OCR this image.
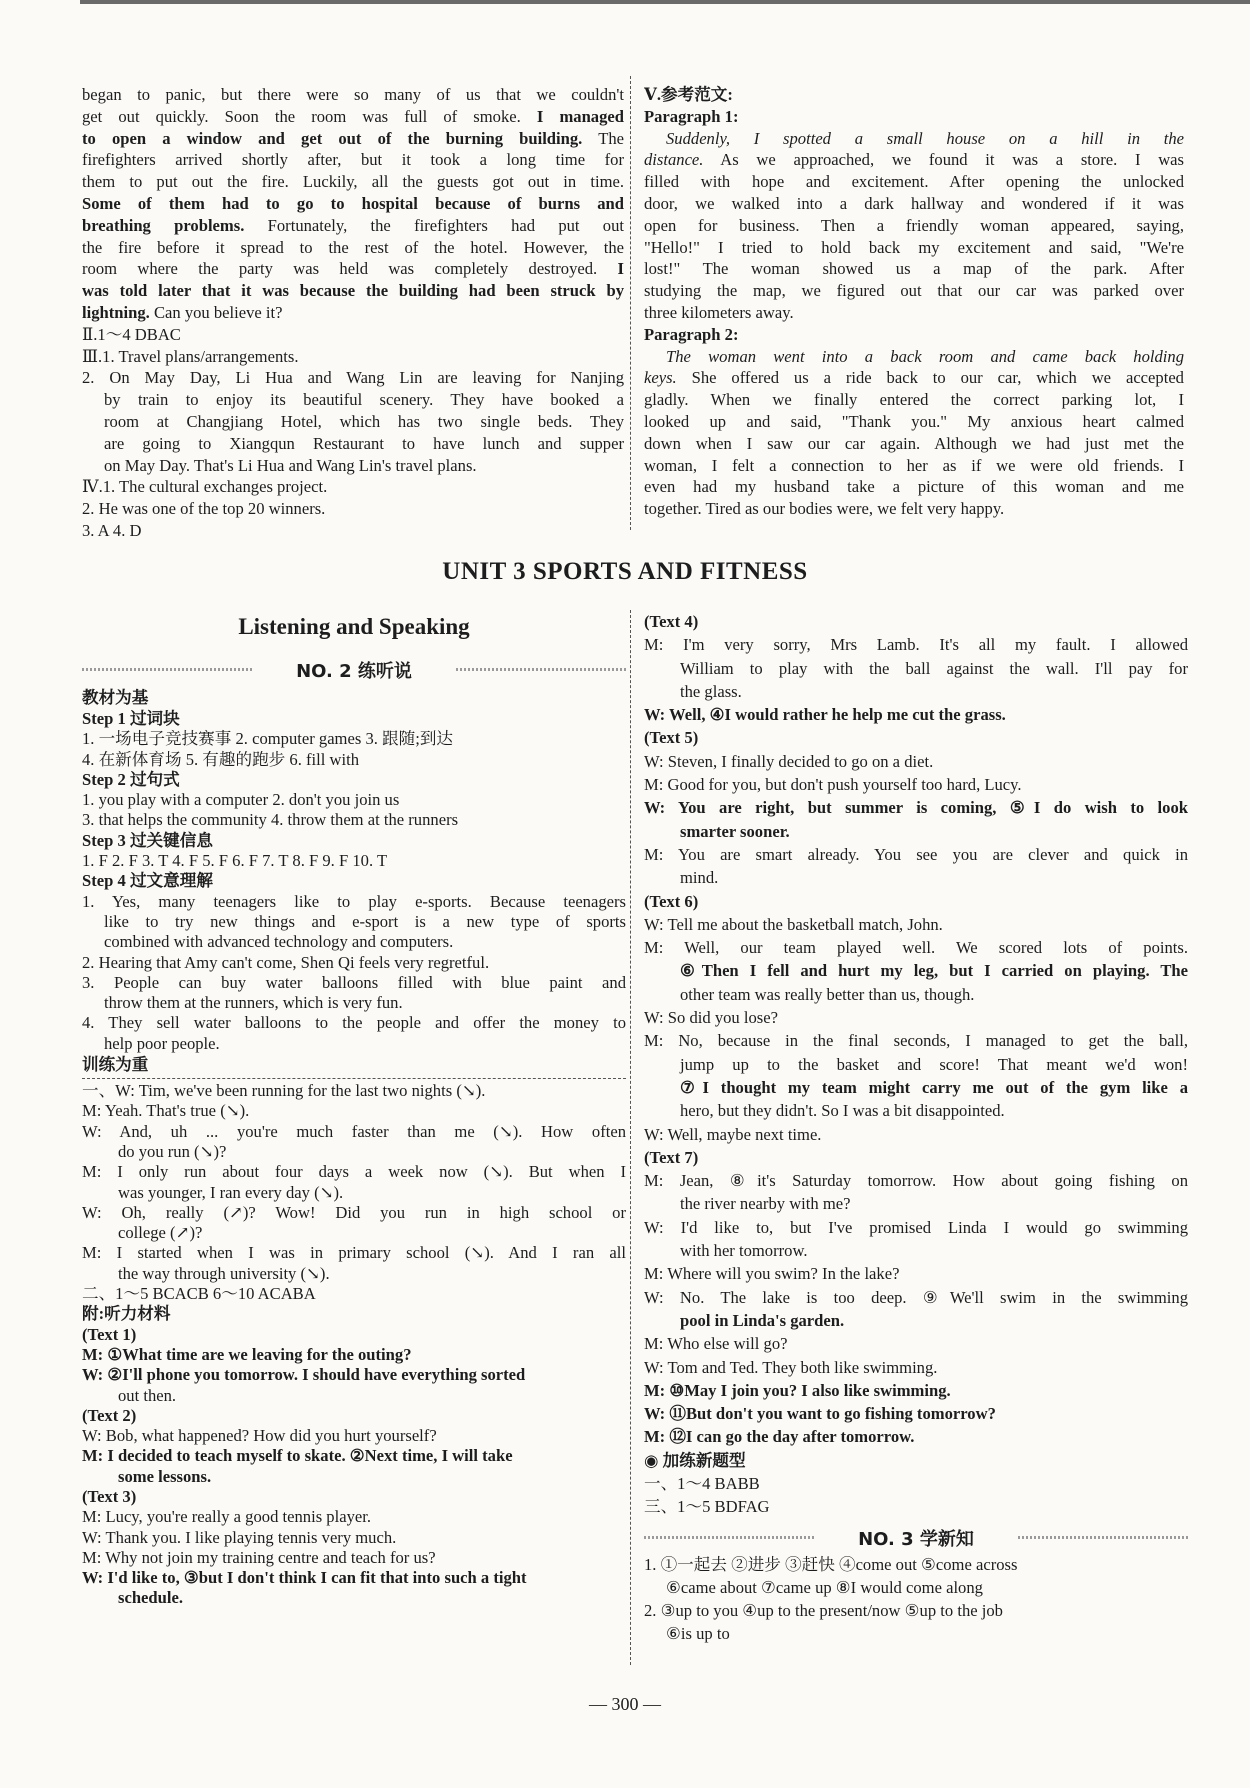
began to panic, but there were so many of us that we couldn't
get out quickly. Soon the room was full of smoke. I managed
to open a window and get out of the burning building. The
firefighters arrived shortly after, but it took a long time for
them to put out the fire. Luckily, all the guests got out in time.
Some of them had to go to hospital because of burns and
breathing problems. Fortunately, the firefighters had put out
the fire before it spread to the rest of the hotel. However, the
room where the party was held was completely destroyed. I
was told later that it was because the building had been struck by
lightning. Can you believe it?
Ⅱ.1～4 DBAC
Ⅲ.1. Travel plans/arrangements.
2. On May Day, Li Hua and Wang Lin are leaving for Nanjing
by train to enjoy its beautiful scenery. They have booked a
room at Changjiang Hotel, which has two single beds. They
are going to Xiangqun Restaurant to have lunch and supper
on May Day. That's Li Hua and Wang Lin's travel plans.
Ⅳ.1. The cultural exchanges project.
2. He was one of the top 20 winners.
3. A 4. D
Ⅴ.参考范文:
Paragraph 1:
Suddenly, I spotted a small house on a hill in the
distance. As we approached, we found it was a store. I was
filled with hope and excitement. After opening the unlocked
door, we walked into a dark hallway and wondered if it was
open for business. Then a friendly woman appeared, saying,
"Hello!" I tried to hold back my excitement and said, "We're
lost!" The woman showed us a map of the park. After
studying the map, we figured out that our car was parked over
three kilometers away.
Paragraph 2:
The woman went into a back room and came back holding
keys. She offered us a ride back to our car, which we accepted
gladly. When we finally entered the correct parking lot, I
looked up and said, "Thank you." My anxious heart calmed
down when I saw our car again. Although we had just met the
woman, I felt a connection to her as if we were old friends. I
even had my husband take a picture of this woman and me
together. Tired as our bodies were, we felt very happy.
UNIT 3 SPORTS AND FITNESS
Listening and Speaking
NO. 2 练听说
教材为基
Step 1 过词块
1. 一场电子竞技赛事 2. computer games 3. 跟随;到达
4. 在新体育场 5. 有趣的跑步 6. fill with
Step 2 过句式
1. you play with a computer 2. don't you join us
3. that helps the community 4. throw them at the runners
Step 3 过关键信息
1. F 2. F 3. T 4. F 5. F 6. F 7. T 8. F 9. F 10. T
Step 4 过文意理解
1. Yes, many teenagers like to play e-sports. Because teenagers
like to try new things and e-sport is a new type of sports
combined with advanced technology and computers.
2. Hearing that Amy can't come, Shen Qi feels very regretful.
3. People can buy water balloons filled with blue paint and
throw them at the runners, which is very fun.
4. They sell water balloons to the people and offer the money to
help poor people.
训练为重
一、W: Tim, we've been running for the last two nights (↘).
M: Yeah. That's true (↘).
W: And, uh ... you're much faster than me (↘). How often
do you run (↘)?
M: I only run about four days a week now (↘). But when I
was younger, I ran every day (↘).
W: Oh, really (↗)? Wow! Did you run in high school or
college (↗)?
M: I started when I was in primary school (↘). And I ran all
the way through university (↘).
二、1～5 BCACB 6～10 ACABA
附:听力材料
(Text 1)
M: ①What time are we leaving for the outing?
W: ②I'll phone you tomorrow. I should have everything sorted
out then.
(Text 2)
W: Bob, what happened? How did you hurt yourself?
M: I decided to teach myself to skate. ②Next time, I will take
some lessons.
(Text 3)
M: Lucy, you're really a good tennis player.
W: Thank you. I like playing tennis very much.
M: Why not join my training centre and teach for us?
W: I'd like to, ③but I don't think I can fit that into such a tight
schedule.
(Text 4)
M: I'm very sorry, Mrs Lamb. It's all my fault. I allowed
William to play with the ball against the wall. I'll pay for
the glass.
W: Well, ④I would rather he help me cut the grass.
(Text 5)
W: Steven, I finally decided to go on a diet.
M: Good for you, but don't push yourself too hard, Lucy.
W: You are right, but summer is coming, ⑤I do wish to look
smarter sooner.
M: You are smart already. You see you are clever and quick in
mind.
(Text 6)
W: Tell me about the basketball match, John.
M: Well, our team played well. We scored lots of points.
⑥Then I fell and hurt my leg, but I carried on playing. The
other team was really better than us, though.
W: So did you lose?
M: No, because in the final seconds, I managed to get the ball,
jump up to the basket and score! That meant we'd won!
⑦I thought my team might carry me out of the gym like a
hero, but they didn't. So I was a bit disappointed.
W: Well, maybe next time.
(Text 7)
M: Jean, ⑧it's Saturday tomorrow. How about going fishing on
the river nearby with me?
W: I'd like to, but I've promised Linda I would go swimming
with her tomorrow.
M: Where will you swim? In the lake?
W: No. The lake is too deep. ⑨We'll swim in the swimming
pool in Linda's garden.
M: Who else will go?
W: Tom and Ted. They both like swimming.
M: ⑩May I join you? I also like swimming.
W: ⑪But don't you want to go fishing tomorrow?
M: ⑫I can go the day after tomorrow.
◉ 加练新题型
一、1～4 BABB
三、1～5 BDFAG
NO. 3 学新知
1. ①一起去 ②进步 ③赶快 ④come out ⑤come across
⑥came about ⑦came up ⑧I would come along
2. ③up to you ④up to the present/now ⑤up to the job
⑥is up to
— 300 —
